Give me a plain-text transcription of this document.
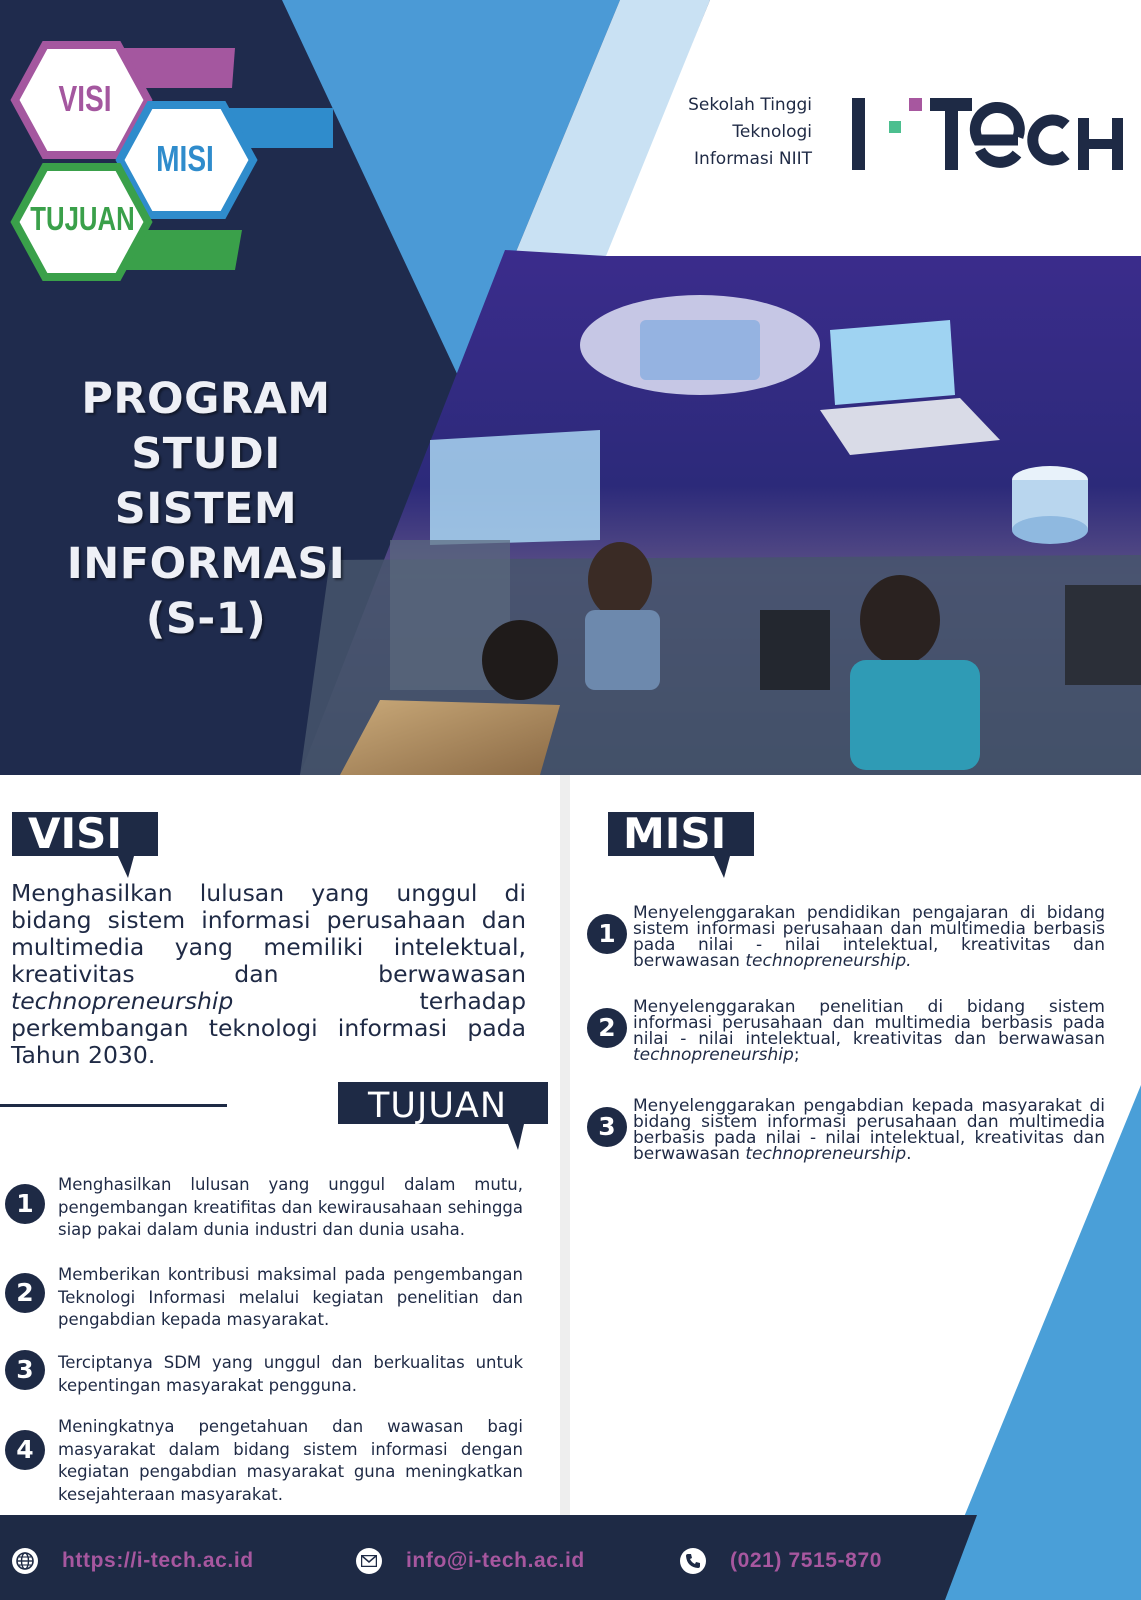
VISI
MISI
TUJUAN
PROGRAM STUDI
SISTEM
INFORMASI
(S-1)
Sekolah Tinggi
Teknologi
Informasi NIIT
VISI
Menghasilkan lulusan yang unggul di bidang sistem informasi perusahaan dan multimedia yang memiliki intelektual, kreativitas dan berwawasan technopreneurship terhadap perkembangan teknologi informasi pada Tahun 2030.
MISI
1
Menyelenggarakan pendidikan pengajaran di bidang sistem informasi perusahaan dan multimedia berbasis pada nilai - nilai intelektual, kreativitas dan berwawasan technopreneurship.
2
Menyelenggarakan penelitian di bidang sistem informasi perusahaan dan multimedia berbasis pada nilai - nilai intelektual, kreativitas dan berwawasan technopreneurship;
3
Menyelenggarakan pengabdian kepada masyarakat di bidang sistem informasi perusahaan dan multimedia berbasis pada nilai - nilai intelektual, kreativitas dan berwawasan technopreneurship.
TUJUAN
1
Menghasilkan lulusan yang unggul dalam mutu, pengembangan kreatifitas dan kewirausahaan sehingga siap pakai dalam dunia industri dan dunia usaha.
2
Memberikan kontribusi maksimal pada pengembangan Teknologi Informasi melalui kegiatan penelitian dan pengabdian kepada masyarakat.
3	Terciptanya SDM yang unggul dan berkualitas untuk kepentingan masyarakat pengguna.
4
Meningkatnya pengetahuan dan wawasan bagi masyarakat dalam bidang sistem informasi dengan kegiatan pengabdian masyarakat guna meningkatkan kesejahteraan masyarakat.
https://i-tech.ac.id	info@i-tech.ac.id	(021) 7515-870
